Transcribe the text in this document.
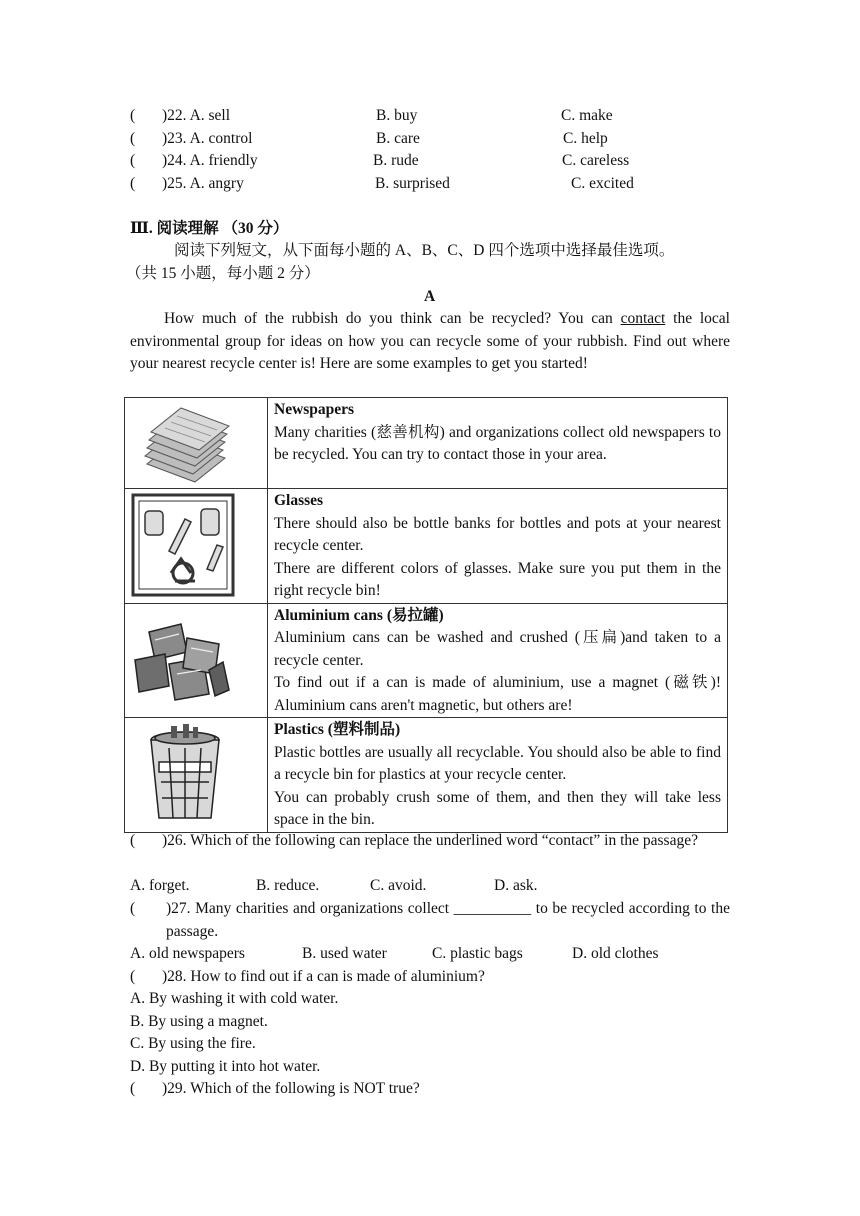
( )22. A. sell	B. buy	C. make
( )23. A. control	B. care	C. help
( )24. A. friendly	B. rude	C. careless
( )25. A. angry	B. surprised	C. excited
Ⅲ. 阅读理解 （30 分）
阅读下列短文，从下面每小题的 A、B、C、D 四个选项中选择最佳选项。
（共 15 小题，每小题 2 分）
A
How much of the rubbish do you think can be recycled? You can contact the local environmental group for ideas on how you can recycle some of your rubbish. Find out where your nearest recycle center is! Here are some examples to get you started!

Newspapers
Many charities (慈善机构) and organizations collect old newspapers to be recycled. You can try to contact those in your area.

Glasses
There should also be bottle banks for bottles and pots at your nearest recycle center.
There are different colors of glasses. Make sure you put them in the right recycle bin!

Aluminium cans (易拉罐)
Aluminium cans can be washed and crushed (压扁)and taken to a recycle center.
To find out if a can is made of aluminium, use a magnet (磁铁)! Aluminium cans aren't magnetic, but others are!

Plastics (塑料制品)
Plastic bottles are usually all recyclable. You should also be able to find a recycle bin for plastics at your recycle center.
You can probably crush some of them, and then they will take less space in the bin.
( )26. Which of the following can replace the underlined word “contact” in the passage?
A. forget.	B. reduce.	C. avoid.	D. ask.
( )27. Many charities and organizations collect __________ to be recycled according to the passage.
A. old newspapers	B. used water	C. plastic bags	D. old clothes
( )28. How to find out if a can is made of aluminium?
A. By washing it with cold water.
B. By using a magnet.
C. By using the fire.
D. By putting it into hot water.
( )29. Which of the following is NOT true?
